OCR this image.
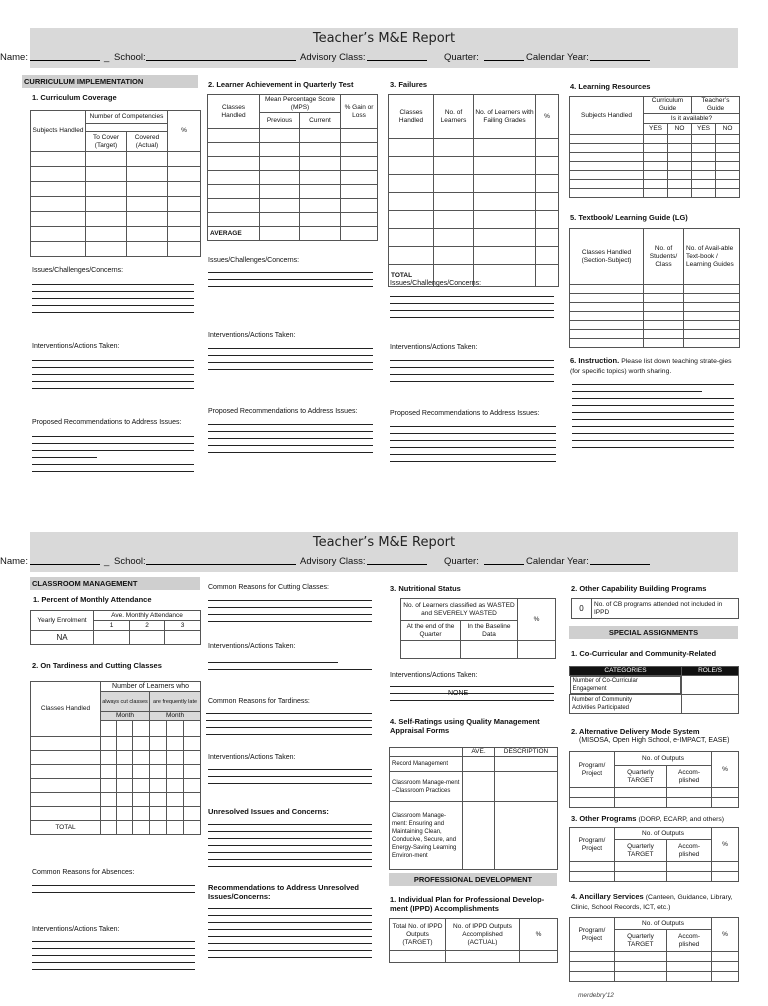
Teacher’s M&E Report
Name:	_ School:	Advisory Class:	Quarter:	Calendar Year:
CURRICULUM IMPLEMENTATION
1. Curriculum Coverage
Subjects Handled	Number of Competencies		%

	To Cover (Target)	Covered (Actual)	

Issues/Challenges/Concerns:
Interventions/Actions Taken:
Proposed Recommendations to Address Issues:
2. Learner Achievement in Quarterly Test
Classes Handled	Mean Percentage Score (MPS)		% Gain or Loss
	Previous	Current	

AVERAGE			
Issues/Challenges/Concerns:
Interventions/Actions Taken:
Proposed Recommendations to Address Issues:
3. Failures
Classes Handled	No. of Learners	No. of Learners with Failing Grades	%

TOTAL			
Issues/Challenges/Concerns:
Interventions/Actions Taken:
Proposed Recommendations to Address Issues:
4. Learning Resources
Subjects Handled	Curriculum Guide		Teacher’s Guide	
	Is it available?			
	YES	NO	YES	NO

5. Textbook/ Learning Guide (LG)
Classes Handled (Section-Subject)	No. of Students/ Class	No. of Avail-able Text-book / Learning Guides

6. Instruction. Please list down teaching strate-gies (for specific topics) worth sharing.
Teacher’s M&E Report
Name:	_ School:	Advisory Class:	Quarter:	Calendar Year:
CLASSROOM MANAGEMENT
1. Percent of Monthly Attendance
Yearly Enrolment	Ave. Monthly Attendance		
	1	2	3
NA			
2. On Tardiness and Cutting Classes
Classes Handled	Number of Learners who					
	always cut classes			are frequently late		
	Month			Month		

TOTAL						
Common Reasons for Absences:
Interventions/Actions Taken:
Common Reasons for Cutting Classes:
Interventions/Actions Taken:
Common Reasons for Tardiness:
Interventions/Actions Taken:
Unresolved Issues and Concerns:
Recommendations to Address Unresolved Issues/Concerns:
3. Nutritional Status
No. of Learners classified as WASTED and SEVERELY WASTED		%
At the end of the Quarter	In the Baseline Data	

Interventions/Actions Taken:
NONE
4. Self-Ratings using Quality Management Appraisal Forms
	AVE.	DESCRIPTION
Record Management		
Classroom Manage-ment –Classroom Practices		
Classroom Manage-ment: Ensuring and Maintaining Clean, Conducive, Secure, and Energy-Saving Learning Environ-ment		
PROFESSIONAL DEVELOPMENT
1. Individual Plan for Professional Develop-ment (IPPD) Accomplishments
Total No. of IPPD Outputs (TARGET)	No. of IPPD Outputs Accomplished (ACTUAL)	%

2. Other Capability Building Programs
0	No. of CB programs attended not included in IPPD
SPECIAL ASSIGNMENTS
1. Co-Curricular and Community-Related
CATEGORIES	ROLE/S

Number of Co-Curricular Engagement

Number of Community Activities Participated	
2. Alternative Delivery Mode System
(MISOSA, Open High School, e-IMPACT, EASE)
Program/ Project	No. of Outputs		%
	Quarterly TARGET	Accom-plished	

3. Other Programs (DORP, ECARP, and others)
Program/ Project	No. of Outputs		%
	Quarterly TARGET	Accom-plished	

4. Ancillary Services (Canteen, Guidance, Library, Clinic, School Records, ICT, etc.)
Program/ Project	No. of Outputs		%
	Quarterly TARGET	Accom-plished	

merdebry'12
